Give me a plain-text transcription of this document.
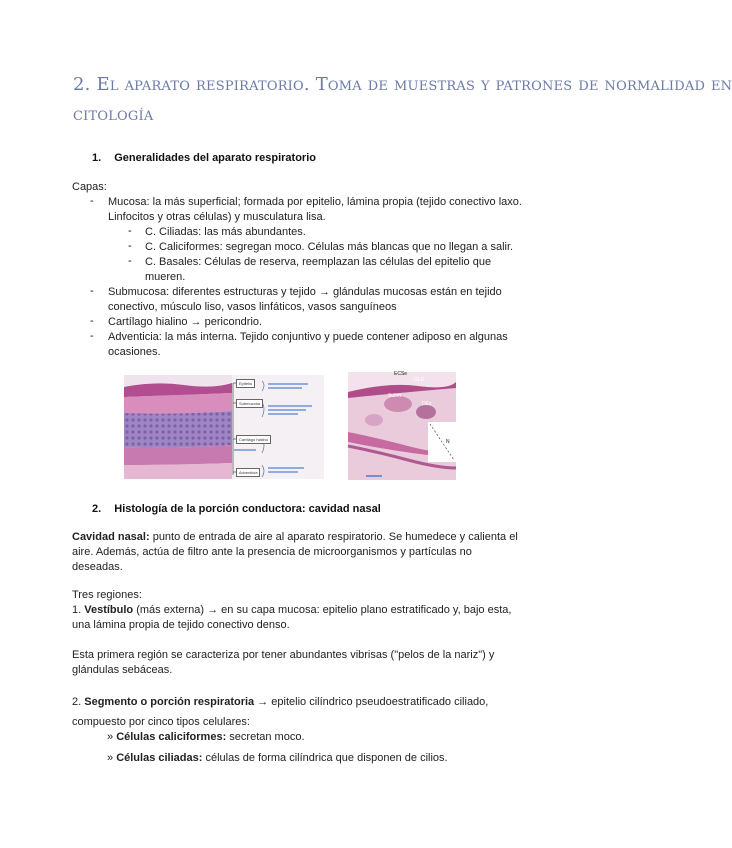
2. El aparato respiratorio. Toma de muestras y patrones de normalidad en
citología
1. Generalidades del aparato respiratorio
Capas:
- Mucosa: la más superficial; formada por epitelio, lámina propia (tejido conectivo laxo.
Linfocitos y otras células) y musculatura lisa.
- C. Ciliadas: las más abundantes.
- C. Caliciformes: segregan moco. Células más blancas que no llegan a salir.
- C. Basales: Células de reserva, reemplazan las células del epitelio que
mueren.
- Submucosa: diferentes estructuras y tejido → glándulas mucosas están en tejido
conectivo, músculo liso, vasos linfáticos, vasos sanguíneos
- Cartílago hialino → pericondrio.
- Adventicia: la más interna. Tejido conjuntivo y puede contener adiposo en algunas
ocasiones.
Epitelio
Submucosa
Cartílago hialino
Adventicia
ECSe
GLD
Subm
DEx
N
2. Histología de la porción conductora: cavidad nasal
Cavidad nasal: punto de entrada de aire al aparato respiratorio. Se humedece y calienta el
aire. Además, actúa de filtro ante la presencia de microorganismos y partículas no
deseadas.
Tres regiones:
1. Vestíbulo (más externa) → en su capa mucosa: epitelio plano estratificado y, bajo esta,
una lámina propia de tejido conectivo denso.
Esta primera región se caracteriza por tener abundantes vibrisas ("pelos de la nariz") y
glándulas sebáceas.
2. Segmento o porción respiratoria → epitelio cilíndrico pseudoestratificado ciliado,
compuesto por cinco tipos celulares:
» Células caliciformes: secretan moco.
» Células ciliadas: células de forma cilíndrica que disponen de cilios.
